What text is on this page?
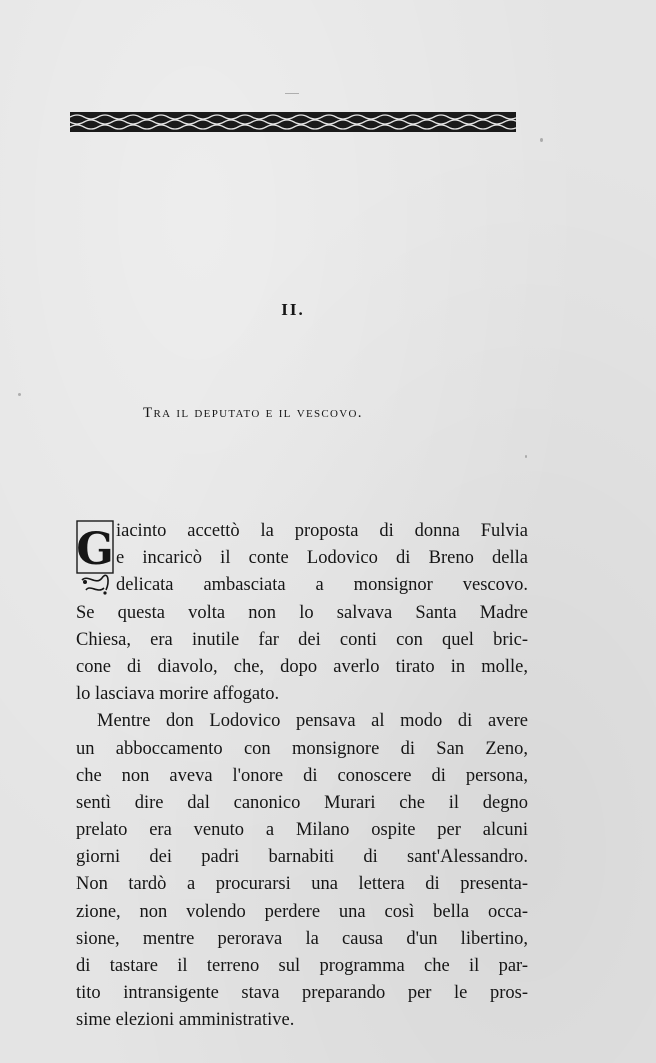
II.
Tra il deputato e il vescovo.
G iacinto accettò la proposta di donna Fulvia
e incaricò il conte Lodovico di Breno della
delicata ambasciata a monsignor vescovo.
Se questa volta non lo salvava Santa Madre
Chiesa, era inutile far dei conti con quel bric-
cone di diavolo, che, dopo averlo tirato in molle,
lo lasciava morire affogato.
Mentre don Lodovico pensava al modo di avere
un abboccamento con monsignore di San Zeno,
che non aveva l'onore di conoscere di persona,
sentì dire dal canonico Murari che il degno
prelato era venuto a Milano ospite per alcuni
giorni dei padri barnabiti di sant'Alessandro.
Non tardò a procurarsi una lettera di presenta-
zione, non volendo perdere una così bella occa-
sione, mentre perorava la causa d'un libertino,
di tastare il terreno sul programma che il par-
tito intransigente stava preparando per le pros-
sime elezioni amministrative.
